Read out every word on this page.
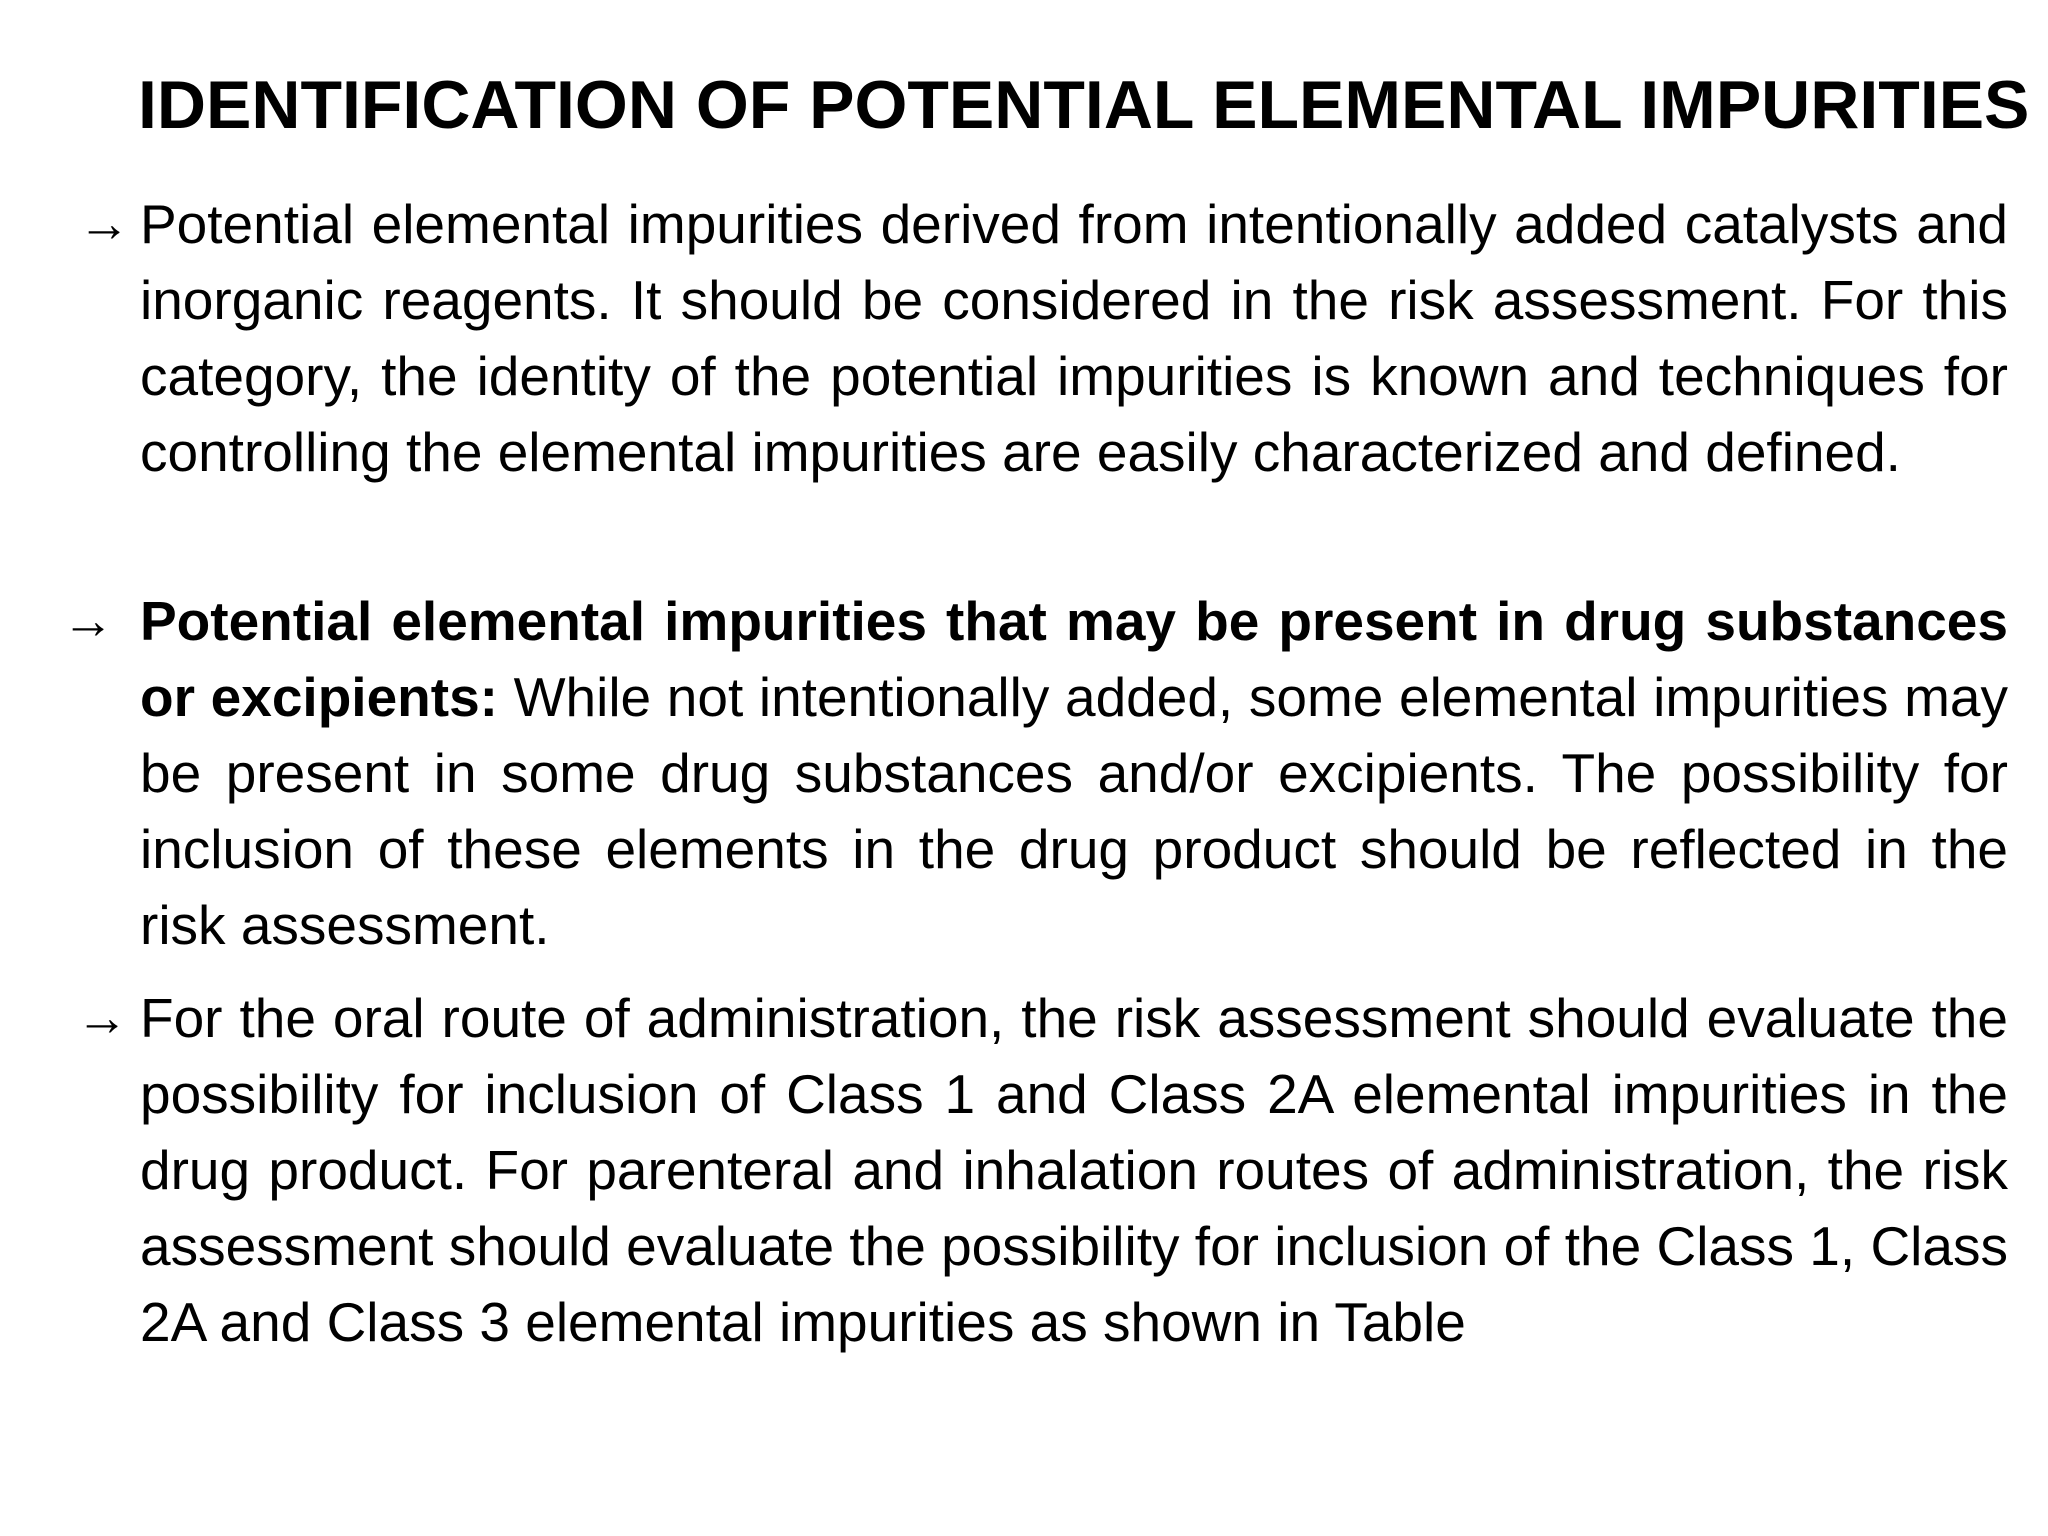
IDENTIFICATION OF POTENTIAL ELEMENTAL IMPURITIES
→ Potential elemental impurities derived from intentionally added catalysts and inorganic reagents. It should be considered in the risk assessment. For this category, the identity of the potential impurities is known and techniques for controlling the elemental impurities are easily characterized and defined.

→ Potential elemental impurities that may be present in drug substances or excipients: While not intentionally added, some elemental impurities may be present in some drug substances and/or excipients. The possibility for inclusion of these elements in the drug product should be reflected in the risk assessment.

→ For the oral route of administration, the risk assessment should evaluate the possibility for inclusion of Class 1 and Class 2A elemental impurities in the drug product. For parenteral and inhalation routes of administration, the risk assessment should evaluate the possibility for inclusion of the Class 1, Class 2A and Class 3 elemental impurities as shown in Table
